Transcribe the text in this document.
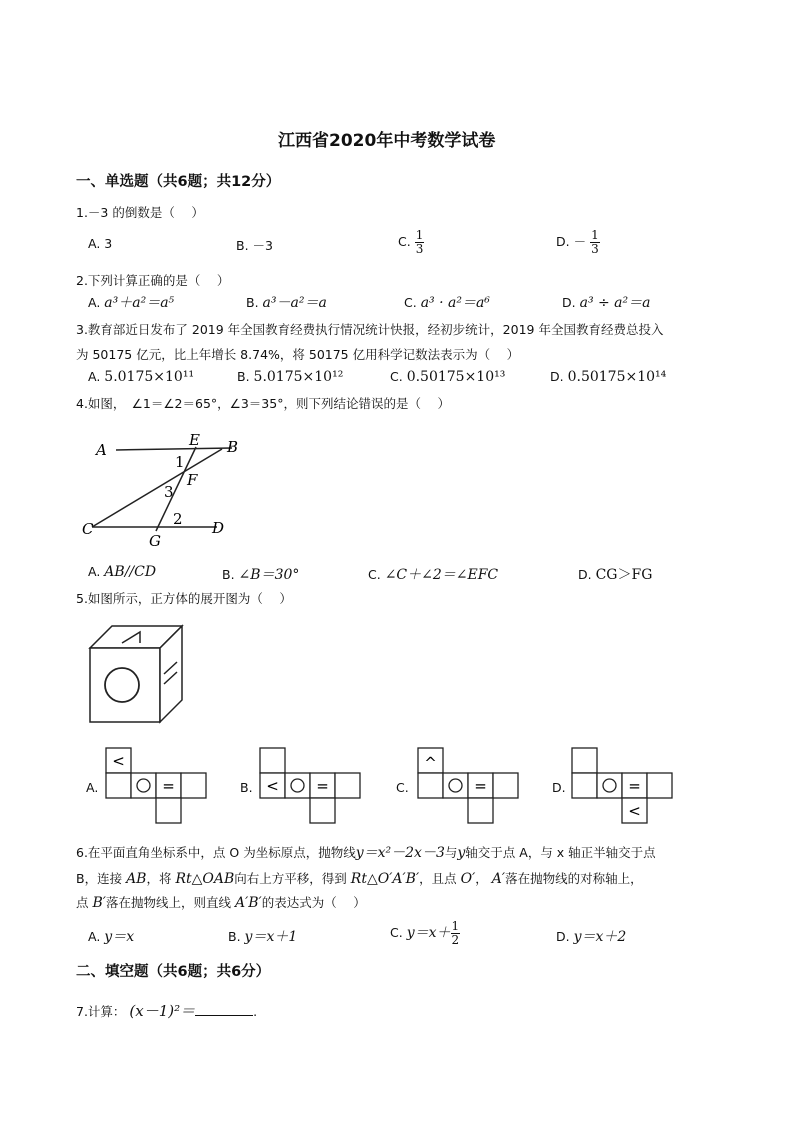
江西省2020年中考数学试卷
一、单选题（共6题；共12分）
1.－3 的倒数是（　 ）
A. 3	B. －3	C. $\frac{1}{3}$	D. － $\frac{1}{3}$
2.下列计算正确的是（　 ）
A. a³＋a²＝a⁵	B. a³－a²＝a	C. a³ · a²＝a⁶	D. a³ ÷ a²＝a
3.教育部近日发布了 2019 年全国教育经费执行情况统计快报，经初步统计，2019 年全国教育经费总投入
为 50175 亿元，比上年增长 8.74%，将 50175 亿用科学记数法表示为（　 ）
A. 5.0175×10¹¹	B. 5.0175×10¹²	C. 0.50175×10¹³	D. 0.50175×10¹⁴
4.如图，　∠1＝∠2＝65°，∠3＝35°，则下列结论错误的是（　 ）
A
E B
1
F
3
C
2 D
G
A. AB//CD	B. ∠B＝30°	C. ∠C＋∠2＝∠EFC	D. CG＞FG
5.如图所示，正方体的展开图为（　 ）
A.
<
=	B. < =	C.
^
=	D.	=
<
6.在平面直角坐标系中，点 O 为坐标原点，抛物线y＝x²－2x－3与y轴交于点 A，与 x 轴正半轴交于点
B，连接 AB，将 Rt△OAB向右上方平移，得到 Rt△O′A′B′，且点 O′， A′落在抛物线的对称轴上，
点 B′落在抛物线上，则直线 A′B′的表达式为（　 ）
A. y＝x	B. y＝x＋1	C. $y=x+ \frac{1}{2}$	D. y＝x＋2
二、填空题（共6题；共6分）
7.计算： (x－1)²＝	.
